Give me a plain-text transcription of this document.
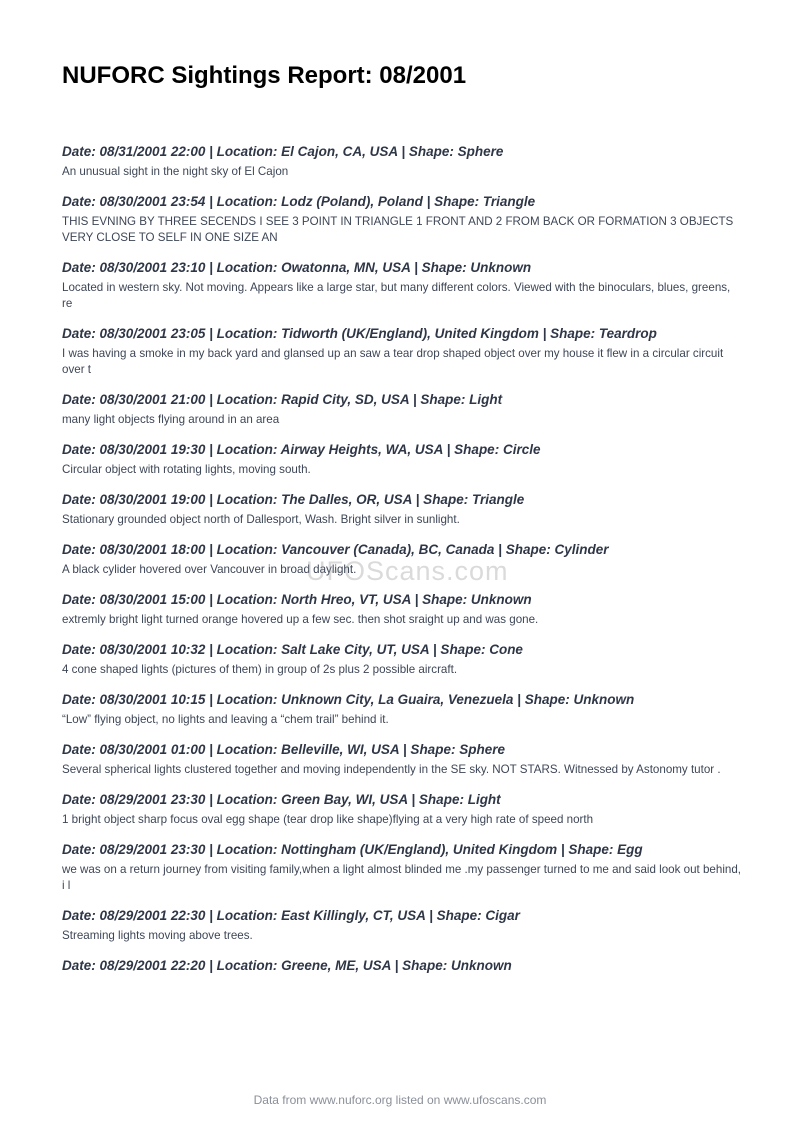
NUFORC Sightings Report: 08/2001
Date: 08/31/2001 22:00 | Location: El Cajon, CA, USA | Shape: Sphere
An unusual sight in the night sky of El Cajon
Date: 08/30/2001 23:54 | Location: Lodz (Poland), Poland | Shape: Triangle
THIS EVNING BY THREE SECENDS I SEE 3 POINT IN TRIANGLE 1 FRONT AND 2 FROM BACK OR FORMATION 3 OBJECTS VERY CLOSE TO SELF IN ONE SIZE AN
Date: 08/30/2001 23:10 | Location: Owatonna, MN, USA | Shape: Unknown
Located in western sky. Not moving. Appears like a large star, but many different colors. Viewed with the binoculars, blues, greens, re
Date: 08/30/2001 23:05 | Location: Tidworth (UK/England), United Kingdom | Shape: Teardrop
I was having a smoke in my back yard and glansed up an saw a tear drop shaped object over my house it flew in a circular circuit over t
Date: 08/30/2001 21:00 | Location: Rapid City, SD, USA | Shape: Light
many light objects flying around in an area
Date: 08/30/2001 19:30 | Location: Airway Heights, WA, USA | Shape: Circle
Circular object with rotating lights, moving south.
Date: 08/30/2001 19:00 | Location: The Dalles, OR, USA | Shape: Triangle
Stationary grounded object north of Dallesport, Wash. Bright silver in sunlight.
Date: 08/30/2001 18:00 | Location: Vancouver (Canada), BC, Canada | Shape: Cylinder
A black cylider hovered over Vancouver in broad daylight.
Date: 08/30/2001 15:00 | Location: North Hreo, VT, USA | Shape: Unknown
extremly bright light turned orange hovered up a few sec. then shot sraight up and was gone.
Date: 08/30/2001 10:32 | Location: Salt Lake City, UT, USA | Shape: Cone
4 cone shaped lights (pictures of them) in group of 2s plus 2 possible aircraft.
Date: 08/30/2001 10:15 | Location: Unknown City, La Guaira, Venezuela | Shape: Unknown
“Low” flying object, no lights and leaving a “chem trail” behind it.
Date: 08/30/2001 01:00 | Location: Belleville, WI, USA | Shape: Sphere
Several spherical lights clustered together and moving independently in the SE sky. NOT STARS. Witnessed by Astonomy tutor .
Date: 08/29/2001 23:30 | Location: Green Bay, WI, USA | Shape: Light
1 bright object sharp focus oval egg shape (tear drop like shape)flying at a very high rate of speed north
Date: 08/29/2001 23:30 | Location: Nottingham (UK/England), United Kingdom | Shape: Egg
we was on a return journey from visiting family,when a light almost blinded me .my passenger turned to me and said look out behind, i l
Date: 08/29/2001 22:30 | Location: East Killingly, CT, USA | Shape: Cigar
Streaming lights moving above trees.
Date: 08/29/2001 22:20 | Location: Greene, ME, USA | Shape: Unknown
UFOScans.com
Data from www.nuforc.org listed on www.ufoscans.com
